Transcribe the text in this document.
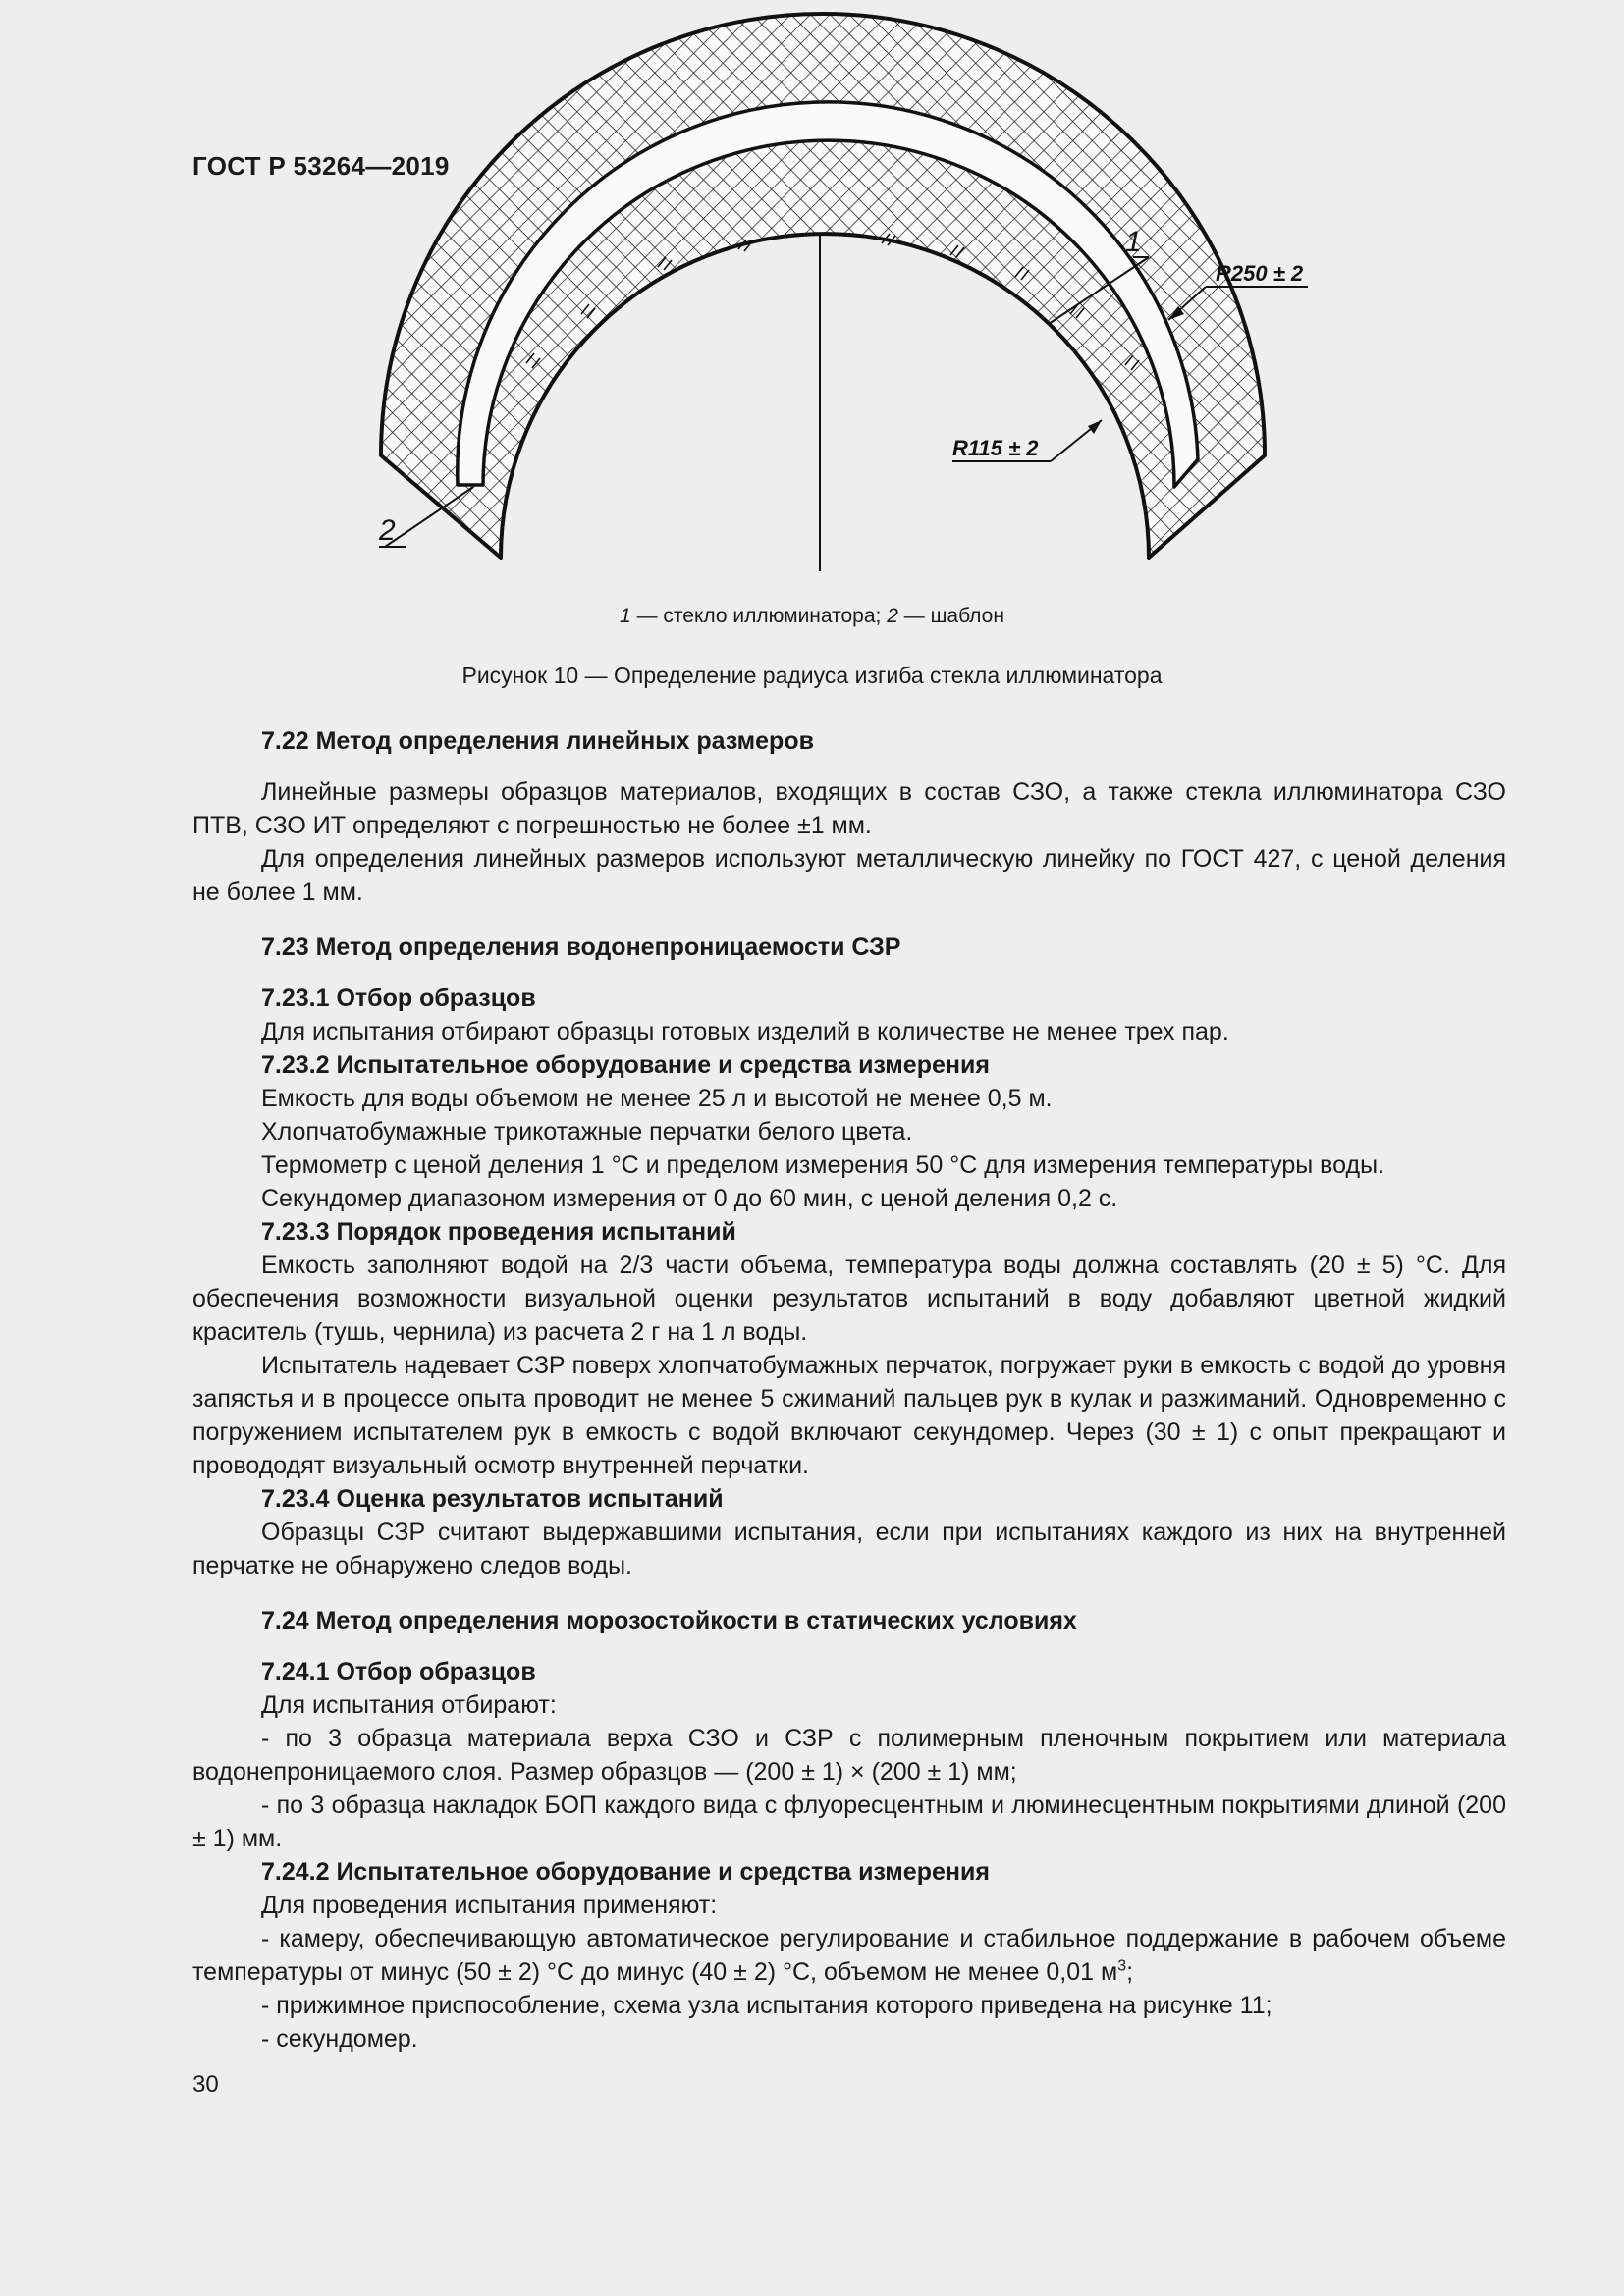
ГОСТ Р 53264—2019
1
2
R250 ± 2
R115 ± 2
1 — стекло иллюминатора; 2 — шаблон
Рисунок 10 — Определение радиуса изгиба стекла иллюминатора

7.22 Метод определения линейных размеров

Линейные размеры образцов материалов, входящих в состав СЗО, а также стекла иллюминатора СЗО ПТВ, СЗО ИТ определяют с погрешностью не более ±1 мм.

Для определения линейных размеров используют металлическую линейку по ГОСТ 427, с ценой деления не более 1 мм.

7.23 Метод определения водонепроницаемости СЗР

7.23.1 Отбор образцов

Для испытания отбирают образцы готовых изделий в количестве не менее трех пар.

7.23.2 Испытательное оборудование и средства измерения

Емкость для воды объемом не менее 25 л и высотой не менее 0,5 м.

Хлопчатобумажные трикотажные перчатки белого цвета.

Термометр с ценой деления 1 °С и пределом измерения 50 °С для измерения температуры воды.

Секундомер диапазоном измерения от 0 до 60 мин, с ценой деления 0,2 с.

7.23.3 Порядок проведения испытаний

Емкость заполняют водой на 2/3 части объема, температура воды должна составлять (20 ± 5) °С. Для обеспечения возможности визуальной оценки результатов испытаний в воду добавляют цветной жидкий краситель (тушь, чернила) из расчета 2 г на 1 л воды.

Испытатель надевает СЗР поверх хлопчатобумажных перчаток, погружает руки в емкость с водой до уровня запястья и в процессе опыта проводит не менее 5 сжиманий пальцев рук в кулак и разжиманий. Одновременно с погружением испытателем рук в емкость с водой включают секундомер. Через (30 ± 1) с опыт прекращают и провододят визуальный осмотр внутренней перчатки.

7.23.4 Оценка результатов испытаний

Образцы СЗР считают выдержавшими испытания, если при испытаниях каждого из них на внутренней перчатке не обнаружено следов воды.

7.24 Метод определения морозостойкости в статических условиях

7.24.1 Отбор образцов

Для испытания отбирают:

- по 3 образца материала верха СЗО и СЗР с полимерным пленочным покрытием или материала водонепроницаемого слоя. Размер образцов — (200 ± 1) × (200 ± 1) мм;

- по 3 образца накладок БОП каждого вида с флуоресцентным и люминесцентным покрытиями длиной (200 ± 1) мм.

7.24.2 Испытательное оборудование и средства измерения

Для проведения испытания применяют:

- камеру, обеспечивающую автоматическое регулирование и стабильное поддержание в рабочем объеме температуры от минус (50 ± 2) °С до минус (40 ± 2) °С, объемом не менее 0,01 $м^3$;

- прижимное приспособление, схема узла испытания которого приведена на рисунке 11;

- секундомер.

30
